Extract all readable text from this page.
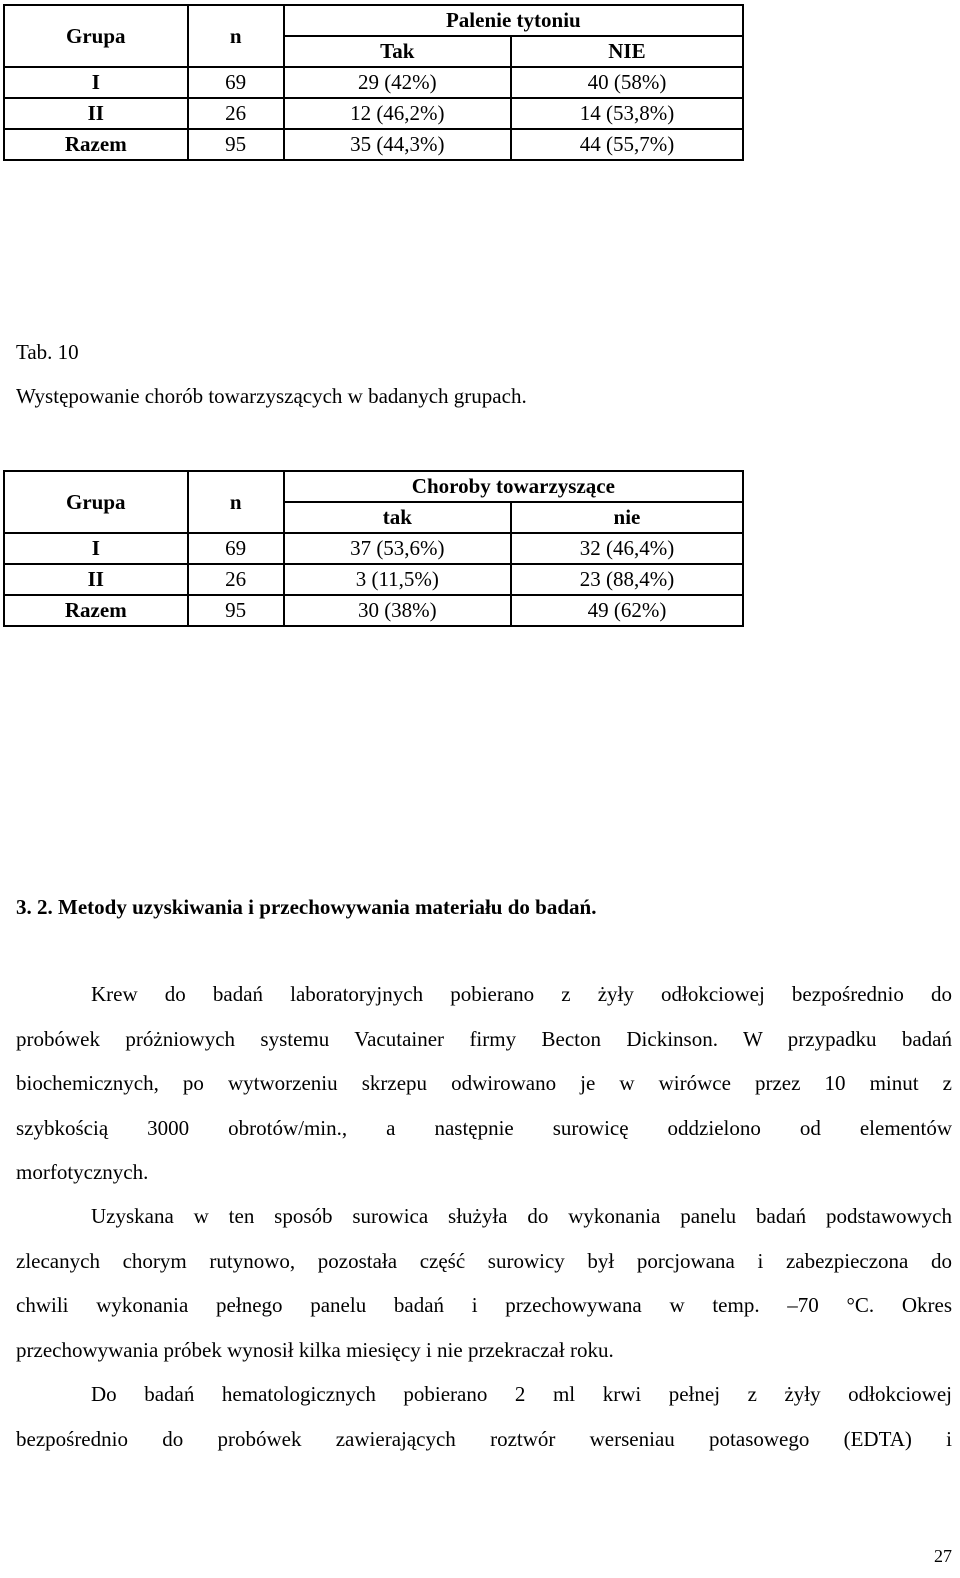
Grupa	n	Palenie tytoniu	
		Tak	NIE
I	69	29 (42%)	40 (58%)
II	26	12 (46,2%)	14 (53,8%)
Razem	95	35 (44,3%)	44 (55,7%)
Tab. 10
Występowanie chorób towarzyszących w badanych grupach.
Grupa	n	Choroby towarzyszące	
		tak	nie
I	69	37 (53,6%)	32 (46,4%)
II	26	3 (11,5%)	23 (88,4%)
Razem	95	30 (38%)	49 (62%)
3. 2. Metody uzyskiwania i przechowywania materiału do badań.
Krew do badań laboratoryjnych pobierano z żyły odłokciowej bezpośrednio do
probówek próżniowych systemu Vacutainer firmy Becton Dickinson. W przypadku badań
biochemicznych, po wytworzeniu skrzepu odwirowano je w wirówce przez 10 minut z
szybkością 3000 obrotów/min., a następnie surowicę oddzielono od elementów
morfotycznych.
Uzyskana w ten sposób surowica służyła do wykonania panelu badań podstawowych
zlecanych chorym rutynowo, pozostała część surowicy był porcjowana i zabezpieczona do
chwili wykonania pełnego panelu badań i przechowywana w temp. –70 °C. Okres
przechowywania próbek wynosił kilka miesięcy i nie przekraczał roku.
Do badań hematologicznych pobierano 2 ml krwi pełnej z żyły odłokciowej
bezpośrednio do probówek zawierających roztwór werseniau potasowego (EDTA) i
27
